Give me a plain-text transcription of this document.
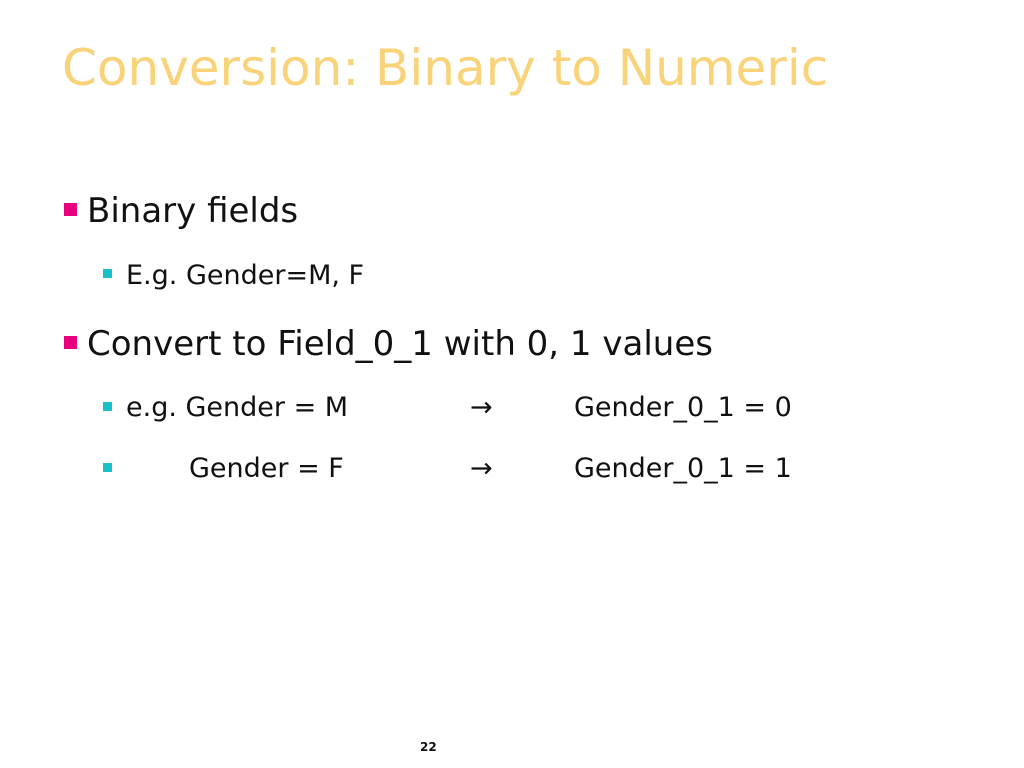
Conversion: Binary to Numeric
Binary fields
E.g. Gender=M, F
Convert to Field_0_1 with 0, 1 values
e.g. Gender = M	→	Gender_0_1 = 0
Gender = F	→	Gender_0_1 = 1
22
